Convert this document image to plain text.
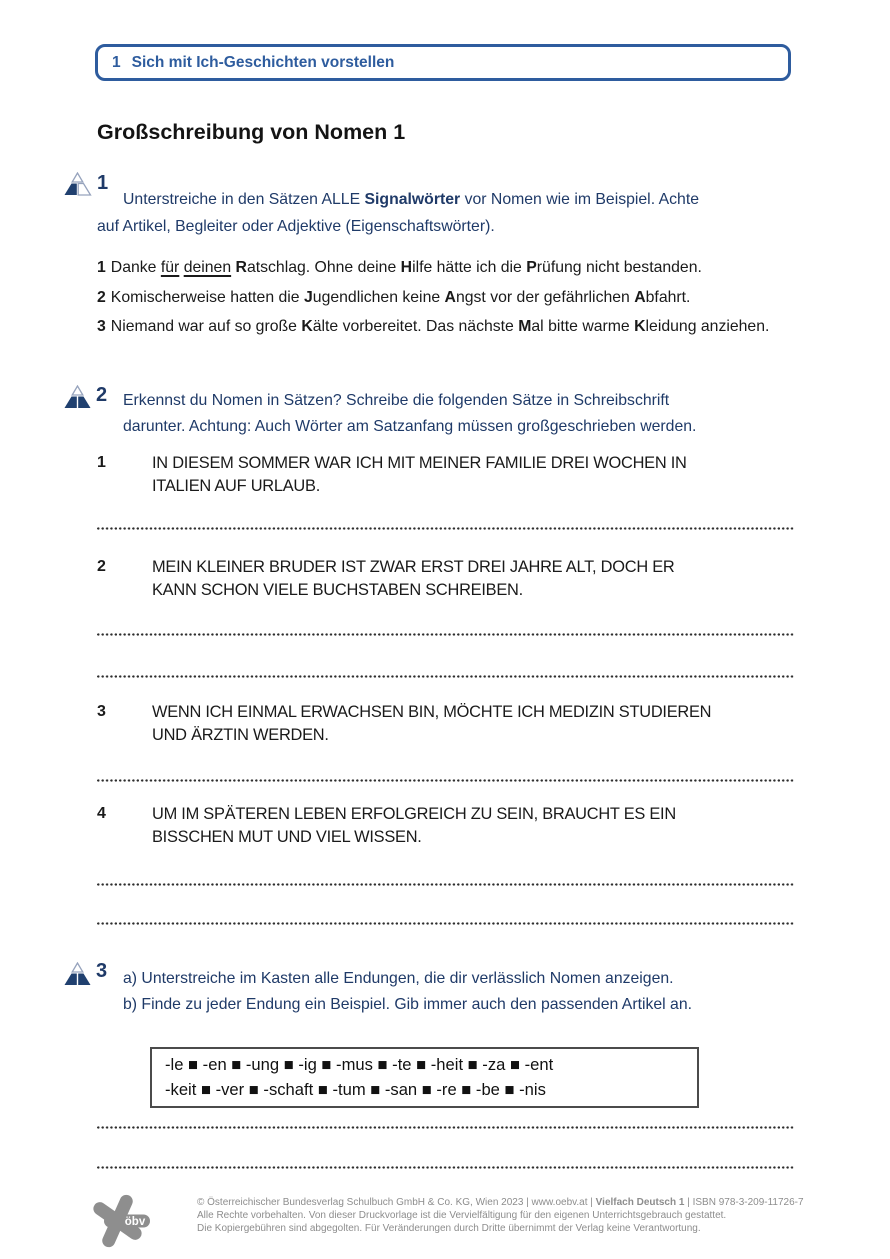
1 Sich mit Ich-Geschichten vorstellen
Großschreibung von Nomen 1
1
Unterstreiche in den Sätzen ALLE Signalwörter vor Nomen wie im Beispiel. Achte
auf Artikel, Begleiter oder Adjektive (Eigenschaftswörter).

1 Danke für deinen Ratschlag. Ohne deine Hilfe hätte ich die Prüfung nicht bestanden.

2 Komischerweise hatten die Jugendlichen keine Angst vor der gefährlichen Abfahrt.

3 Niemand war auf so große Kälte vorbereitet. Das nächste Mal bitte warme Kleidung anziehen.

2 Erkennst du Nomen in Sätzen? Schreibe die folgenden Sätze in Schreibschrift
darunter. Achtung: Auch Wörter am Satzanfang müssen großgeschrieben werden.
1	IN DIESEM SOMMER WAR ICH MIT MEINER FAMILIE DREI WOCHEN IN
ITALIEN AUF URLAUB.
2	MEIN KLEINER BRUDER IST ZWAR ERST DREI JAHRE ALT, DOCH ER
KANN SCHON VIELE BUCHSTABEN SCHREIBEN.
3	WENN ICH EINMAL ERWACHSEN BIN, MÖCHTE ICH MEDIZIN STUDIEREN
UND ÄRZTIN WERDEN.
4	UM IM SPÄTEREN LEBEN ERFOLGREICH ZU SEIN, BRAUCHT ES EIN
BISSCHEN MUT UND VIEL WISSEN.
3 a) Unterstreiche im Kasten alle Endungen, die dir verlässlich Nomen anzeigen.
b) Finde zu jeder Endung ein Beispiel. Gib immer auch den passenden Artikel an.
-le ■ -en ■ -ung ■ -ig ■ -mus ■ -te ■ -heit ■ -za ■ -ent
-keit ■ -ver ■ -schaft ■ -tum ■ -san ■ -re ■ -be ■ -nis
öbv
© Österreichischer Bundesverlag Schulbuch GmbH & Co. KG, Wien 2023 | www.oebv.at | Vielfach Deutsch 1 | ISBN 978-3-209-11726-7
Alle Rechte vorbehalten. Von dieser Druckvorlage ist die Vervielfältigung für den eigenen Unterrichtsgebrauch gestattet.
Die Kopiergebühren sind abgegolten. Für Veränderungen durch Dritte übernimmt der Verlag keine Verantwortung.
